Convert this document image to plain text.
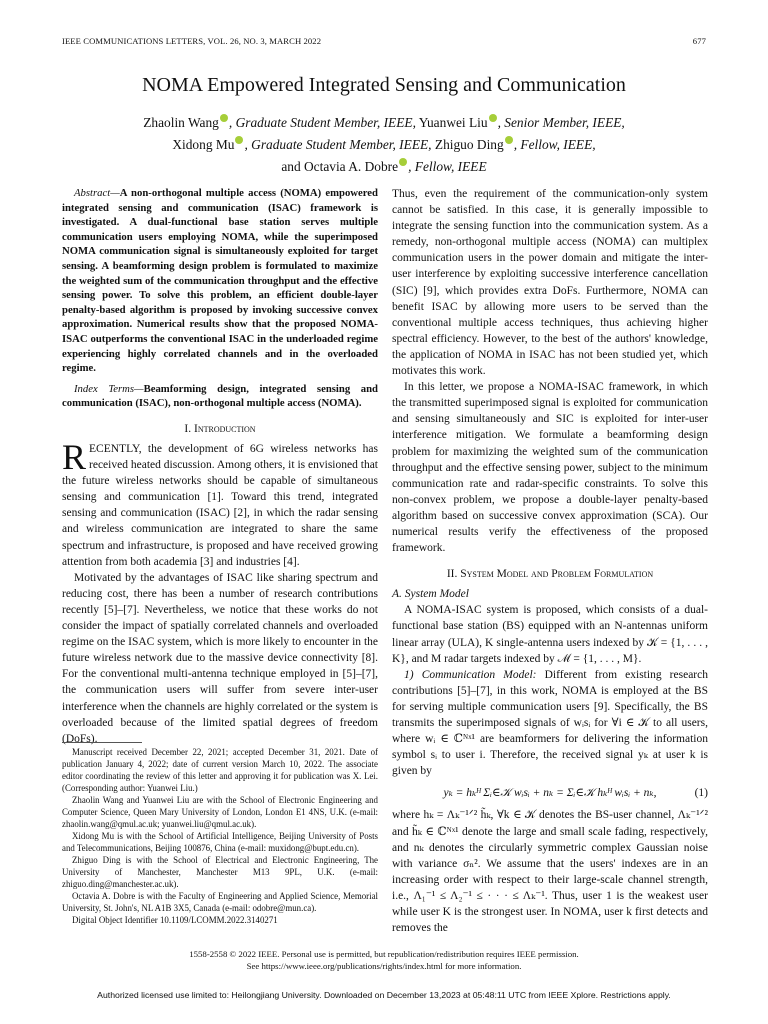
IEEE COMMUNICATIONS LETTERS, VOL. 26, NO. 3, MARCH 2022	677
NOMA Empowered Integrated Sensing and Communication
Zhaolin Wang , Graduate Student Member, IEEE, Yuanwei Liu , Senior Member, IEEE,
Xidong Mu , Graduate Student Member, IEEE, Zhiguo Ding , Fellow, IEEE,
and Octavia A. Dobre , Fellow, IEEE

Abstract—A non-orthogonal multiple access (NOMA) empowered integrated sensing and communication (ISAC) framework is investigated. A dual-functional base station serves multiple communication users employing NOMA, while the superimposed NOMA communication signal is simultaneously exploited for target sensing. A beamforming design problem is formulated to maximize the weighted sum of the communication throughput and the effective sensing power. To solve this problem, an efficient double-layer penalty-based algorithm is proposed by invoking successive convex approximation. Numerical results show that the proposed NOMA-ISAC outperforms the conventional ISAC in the underloaded regime experiencing highly correlated channels and in the overloaded regime.

Index Terms—Beamforming design, integrated sensing and communication (ISAC), non-orthogonal multiple access (NOMA).

I. Introduction

RECENTLY, the development of 6G wireless networks has received heated discussion. Among others, it is envisioned that the future wireless networks should be capable of simultaneous sensing and communication [1]. Toward this trend, integrated sensing and communication (ISAC) [2], in which the radar sensing and wireless communication are integrated to share the same spectrum and infrastructure, is proposed and have received growing attention from both academia [3] and industries [4].

Motivated by the advantages of ISAC like sharing spectrum and reducing cost, there has been a number of research contributions recently [5]–[7]. Nevertheless, we notice that these works do not consider the impact of spatially correlated channels and overloaded regime on the ISAC system, which is more likely to encounter in the future wireless network due to the massive device connectivity [8]. For the conventional multi-antenna technique employed in [5]–[7], the communication users will suffer from severe inter-user interference when the channels are highly correlated or the system is overloaded because of the limited spatial degrees of freedom (DoFs).

Manuscript received December 22, 2021; accepted December 31, 2021. Date of publication January 4, 2022; date of current version March 10, 2022. The associate editor coordinating the review of this letter and approving it for publication was X. Lei. (Corresponding author: Yuanwei Liu.)

Zhaolin Wang and Yuanwei Liu are with the School of Electronic Engineering and Computer Science, Queen Mary University of London, London E1 4NS, U.K. (e-mail: zhaolin.wang@qmul.ac.uk; yuanwei.liu@qmul.ac.uk).

Xidong Mu is with the School of Artificial Intelligence, Beijing University of Posts and Telecommunications, Beijing 100876, China (e-mail: muxidong@bupt.edu.cn).

Zhiguo Ding is with the School of Electrical and Electronic Engineering, The University of Manchester, Manchester M13 9PL, U.K. (e-mail: zhiguo.ding@manchester.ac.uk).

Octavia A. Dobre is with the Faculty of Engineering and Applied Science, Memorial University, St. John's, NL A1B 3X5, Canada (e-mail: odobre@mun.ca).

Digital Object Identifier 10.1109/LCOMM.2022.3140271

Thus, even the requirement of the communication-only system cannot be satisfied. In this case, it is generally impossible to integrate the sensing function into the communication system. As a remedy, non-orthogonal multiple access (NOMA) can multiplex communication users in the power domain and mitigate the inter-user interference by exploiting successive interference cancellation (SIC) [9], which provides extra DoFs. Furthermore, NOMA can benefit ISAC by allowing more users to be served than the conventional multiple access techniques, thus achieving higher spectral efficiency. However, to the best of the authors' knowledge, the application of NOMA in ISAC has not been studied yet, which motivates this work.

In this letter, we propose a NOMA-ISAC framework, in which the transmitted superimposed signal is exploited for communication and sensing simultaneously and SIC is exploited for inter-user interference mitigation. We formulate a beamforming design problem for maximizing the weighted sum of the communication throughput and the effective sensing power, subject to the minimum communication rate and radar-specific constraints. To solve this non-convex problem, we propose a double-layer penalty-based algorithm based on successive convex approximation (SCA). Our numerical results verify the effectiveness of the proposed framework.

II. System Model and Problem Formulation
A. System Model

A NOMA-ISAC system is proposed, which consists of a dual-functional base station (BS) equipped with an N-antennas uniform linear array (ULA), K single-antenna users indexed by 𝒦 = {1, . . . , K}, and M radar targets indexed by ℳ = {1, . . . , M}.

1) Communication Model: Different from existing research contributions [5]–[7], in this work, NOMA is employed at the BS for serving multiple communication users [9]. Specifically, the BS transmits the superimposed signals of wᵢsᵢ for ∀i ∈ 𝒦 to all users, where wᵢ ∈ ℂᴺˣ¹ are beamformers for delivering the information symbol sᵢ to user i. Therefore, the received signal yₖ at user k is given by

yₖ = hₖᴴ Σᵢ∈𝒦 wᵢsᵢ + nₖ = Σᵢ∈𝒦 hₖᴴ wᵢsᵢ + nₖ,	(1)

where hₖ = Λₖ⁻¹ᐟ² h̃ₖ, ∀k ∈ 𝒦 denotes the BS-user channel, Λₖ⁻¹ᐟ² and h̃ₖ ∈ ℂᴺˣ¹ denote the large and small scale fading, respectively, and nₖ denotes the circularly symmetric complex Gaussian noise with variance σₙ². We assume that the users' indexes are in an increasing order with respect to their large-scale channel strength, i.e., Λ₁⁻¹ ≤ Λ₂⁻¹ ≤ · · · ≤ Λₖ⁻¹. Thus, user 1 is the weakest user while user K is the strongest user. In NOMA, user k first detects and removes the

1558-2558 © 2022 IEEE. Personal use is permitted, but republication/redistribution requires IEEE permission.
See https://www.ieee.org/publications/rights/index.html for more information.
Authorized licensed use limited to: Heilongjiang University. Downloaded on December 13,2023 at 05:48:11 UTC from IEEE Xplore. Restrictions apply.
